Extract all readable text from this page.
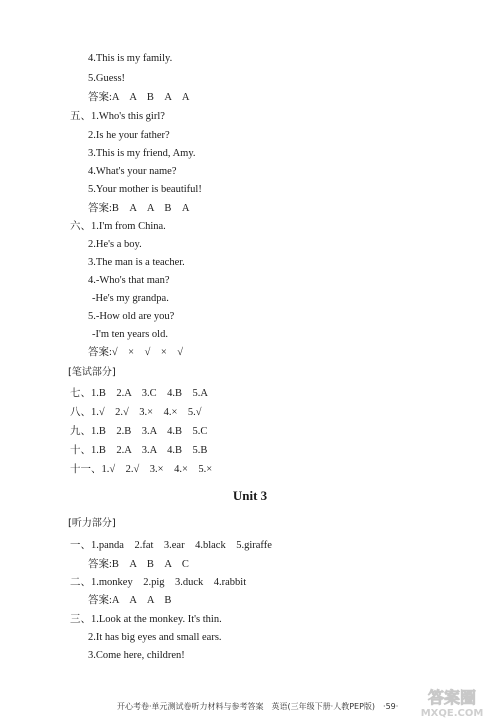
4.This is my family.
5.Guess!
答案:A　A　B　A　A
五、1.Who's this girl?
2.Is he your father?
3.This is my friend, Amy.
4.What's your name?
5.Your mother is beautiful!
答案:B　A　A　B　A
六、1.I'm from China.
2.He's a boy.
3.The man is a teacher.
4.-Who's that man?
-He's my grandpa.
5.-How old are you?
-I'm ten years old.
答案:√　×　√　×　√
[笔试部分]
七、1.B　2.A　3.C　4.B　5.A
八、1.√　2.√　3.×　4.×　5.√
九、1.B　2.B　3.A　4.B　5.C
十、1.B　2.A　3.A　4.B　5.B
十一、1.√　2.√　3.×　4.×　5.×
Unit 3
[听力部分]
一、1.panda　2.fat　3.ear　4.black　5.giraffe
答案:B　A　B　A　C
二、1.monkey　2.pig　3.duck　4.rabbit
答案:A　A　A　B
三、1.Look at the monkey. It's thin.
2.It has big eyes and small ears.
3.Come here, children!
开心考卷·单元测试卷听力材料与参考答案　英语(三年级下册·人教PEP版)　·59· 答案圈
MXQE.COM
